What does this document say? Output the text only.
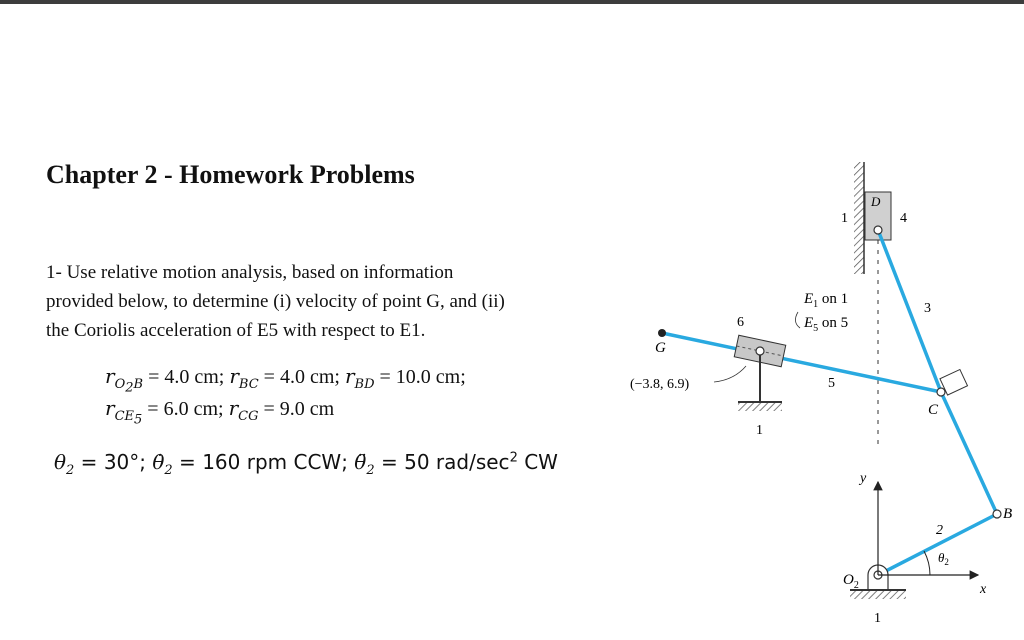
Chapter 2 - Homework Problems

1- Use relative motion analysis, based on information

provided below, to determine (i) velocity of point G, and (ii)

the Coriolis acceleration of E5 with respect to E1.

$r_{O_2B} = 4.0$ cm; $r_{BC} = 4.0$ cm; $r_{BD} = 10.0$ cm;
$r_{CE_5} = 6.0$ cm; $r_{CG} = 9.0$ cm
$\theta_2 = 30^\circ$; $\thetȧ_2 = 160$ rpm CCW; $\thetä_2 = 50$ rad/$\sec^2$ CW
D
4
1
3
6
G
(−3.8, 6.9)	5
C
1
$E_1$ on 1
$E_5$ on 5
y
2
B
$\theta_2$
$O_2$	x
1
